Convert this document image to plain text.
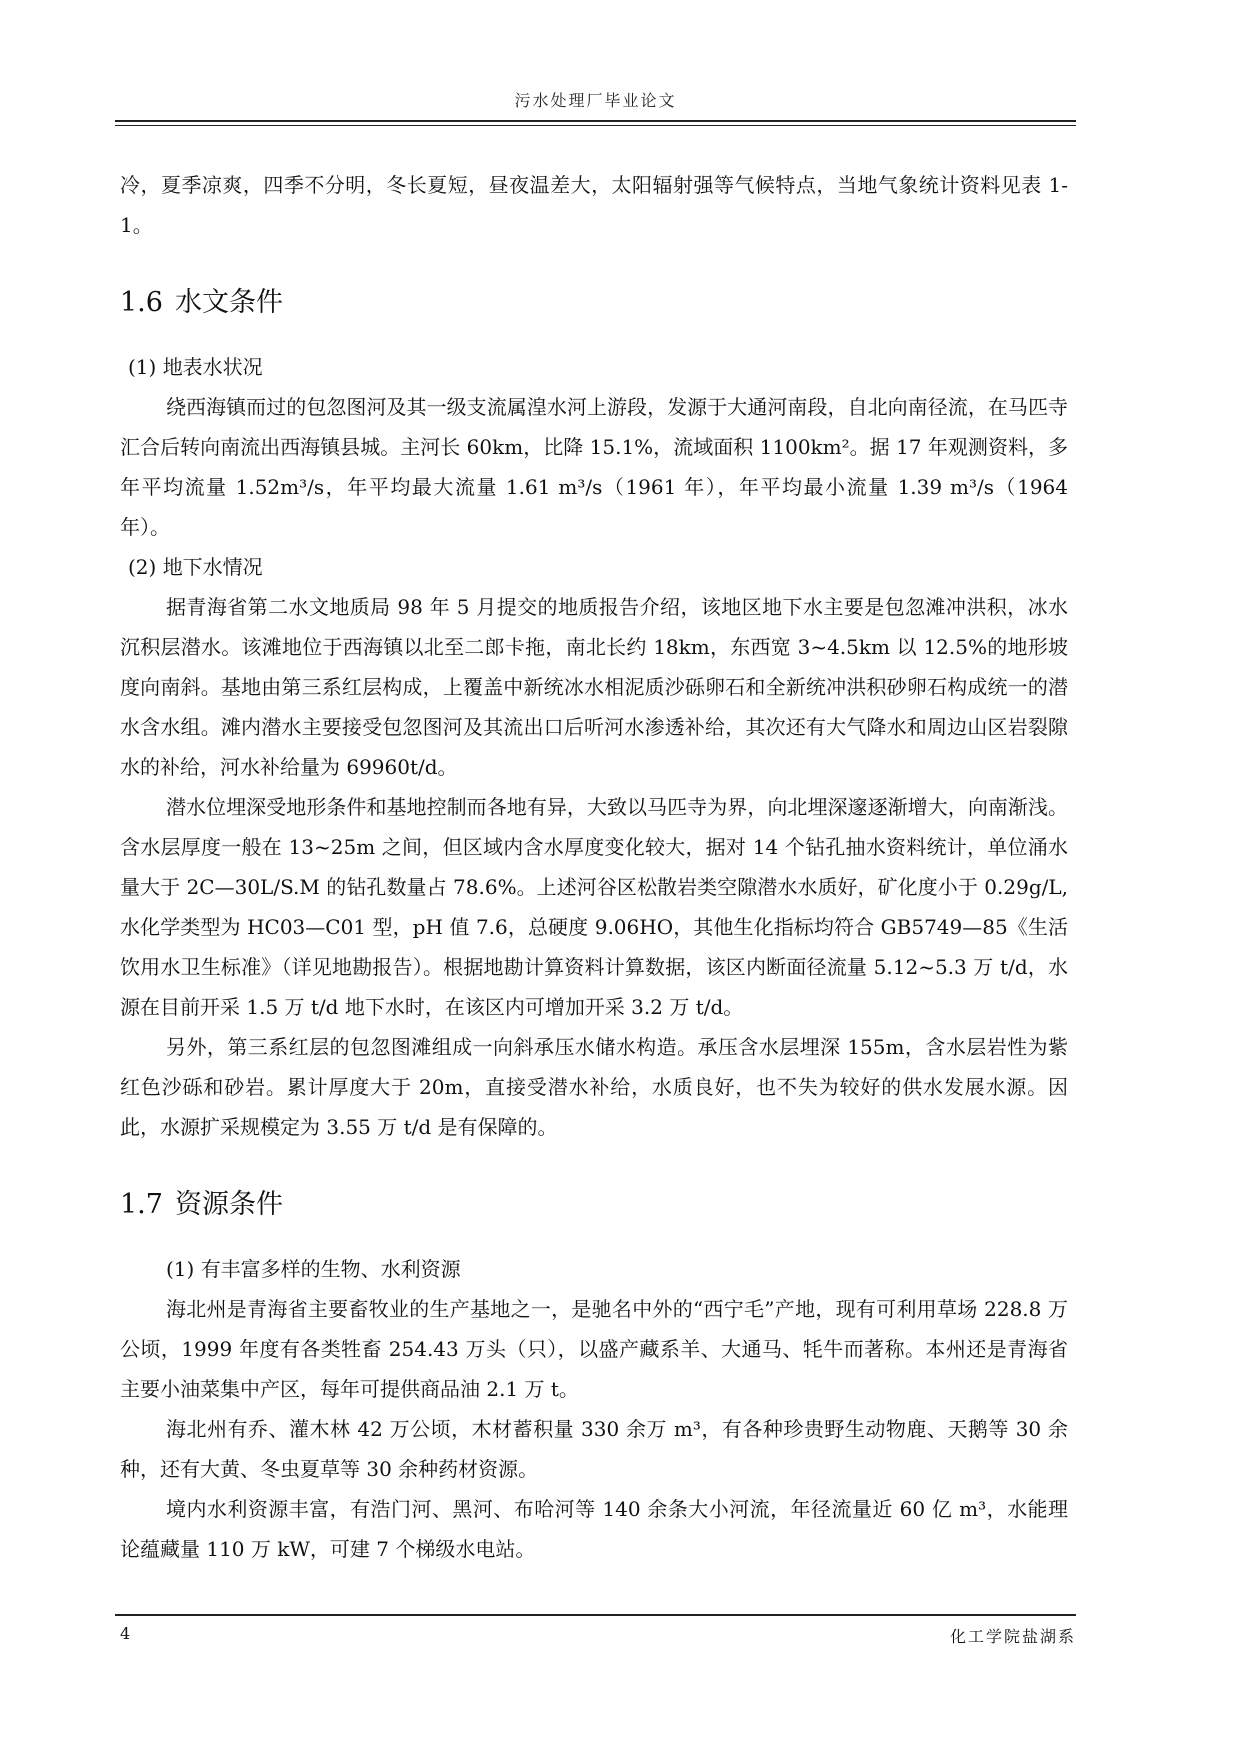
污水处理厂毕业论文

冷，夏季凉爽，四季不分明，冬长夏短，昼夜温差大，太阳辐射强等气候特点，当地气象统计资料见表 1-1。

1.6 水文条件

(1) 地表水状况

绕西海镇而过的包忽图河及其一级支流属湟水河上游段，发源于大通河南段，自北向南径流，在马匹寺汇合后转向南流出西海镇县城。主河长 60km，比降 15.1%，流域面积 1100km²。据 17 年观测资料，多年平均流量 1.52m³/s，年平均最大流量 1.61 m³/s（1961 年），年平均最小流量 1.39 m³/s（1964 年）。

(2) 地下水情况

据青海省第二水文地质局 98 年 5 月提交的地质报告介绍，该地区地下水主要是包忽滩冲洪积，冰水沉积层潜水。该滩地位于西海镇以北至二郎卡拖，南北长约 18km，东西宽 3~4.5km 以 12.5%的地形坡度向南斜。基地由第三系红层构成，上覆盖中新统冰水相泥质沙砾卵石和全新统冲洪积砂卵石构成统一的潜水含水组。滩内潜水主要接受包忽图河及其流出口后听河水渗透补给，其次还有大气降水和周边山区岩裂隙水的补给，河水补给量为 69960t/d。

潜水位埋深受地形条件和基地控制而各地有异，大致以马匹寺为界，向北埋深邃逐渐增大，向南渐浅。含水层厚度一般在 13~25m 之间，但区域内含水厚度变化较大，据对 14 个钻孔抽水资料统计，单位涌水量大于 2C—30L/S.M 的钻孔数量占 78.6%。上述河谷区松散岩类空隙潜水水质好，矿化度小于 0.29g/L,水化学类型为 HC03—C01 型，pH 值 7.6，总硬度 9.06HO，其他生化指标均符合 GB5749—85《生活饮用水卫生标准》（详见地勘报告）。根据地勘计算资料计算数据，该区内断面径流量 5.12~5.3 万 t/d，水源在目前开采 1.5 万 t/d 地下水时，在该区内可增加开采 3.2 万 t/d。

另外，第三系红层的包忽图滩组成一向斜承压水储水构造。承压含水层埋深 155m，含水层岩性为紫红色沙砾和砂岩。累计厚度大于 20m，直接受潜水补给，水质良好，也不失为较好的供水发展水源。因此，水源扩采规模定为 3.55 万 t/d 是有保障的。

1.7 资源条件

(1) 有丰富多样的生物、水利资源

海北州是青海省主要畜牧业的生产基地之一，是驰名中外的“西宁毛”产地，现有可利用草场 228.8 万公顷，1999 年度有各类牲畜 254.43 万头（只），以盛产藏系羊、大通马、牦牛而著称。本州还是青海省主要小油菜集中产区，每年可提供商品油 2.1 万 t。

海北州有乔、灌木林 42 万公顷，木材蓄积量 330 余万 m³，有各种珍贵野生动物鹿、天鹅等 30 余种，还有大黄、冬虫夏草等 30 余种药材资源。

境内水利资源丰富，有浩门河、黑河、布哈河等 140 余条大小河流，年径流量近 60 亿 m³，水能理论蕴藏量 110 万 kW，可建 7 个梯级水电站。

4	化工学院盐湖系
